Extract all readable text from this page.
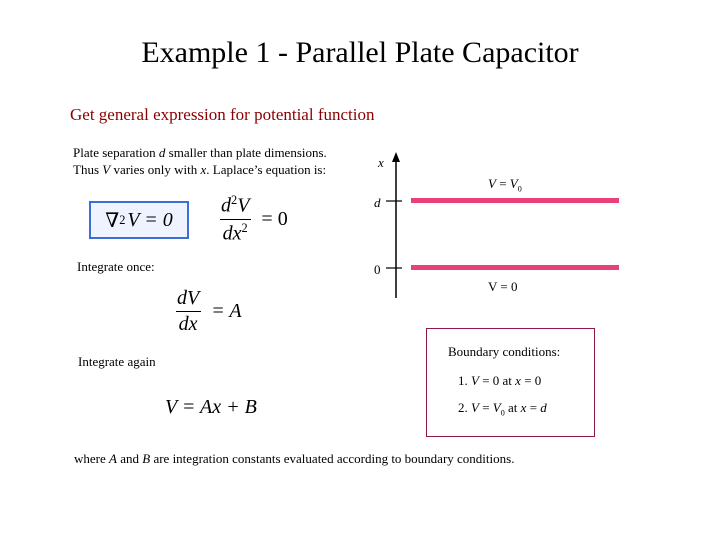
Example 1 - Parallel Plate Capacitor
Get general expression for potential function
Plate separation d smaller than plate dimensions.
Thus V varies only with x. Laplace’s equation is:
∇ 2 $V = 0 \frac{d^2V}{dx^2} = 0$
Integrate once:
$\frac{dV}{dx} = A$
Integrate again
V = Ax + B
x
d
0
$V = V_0$
V = 0
Boundary conditions:
1. V = 0 at x = 0
2. $V = V_0$ at x = d
where A and B are integration constants evaluated according to boundary conditions.
